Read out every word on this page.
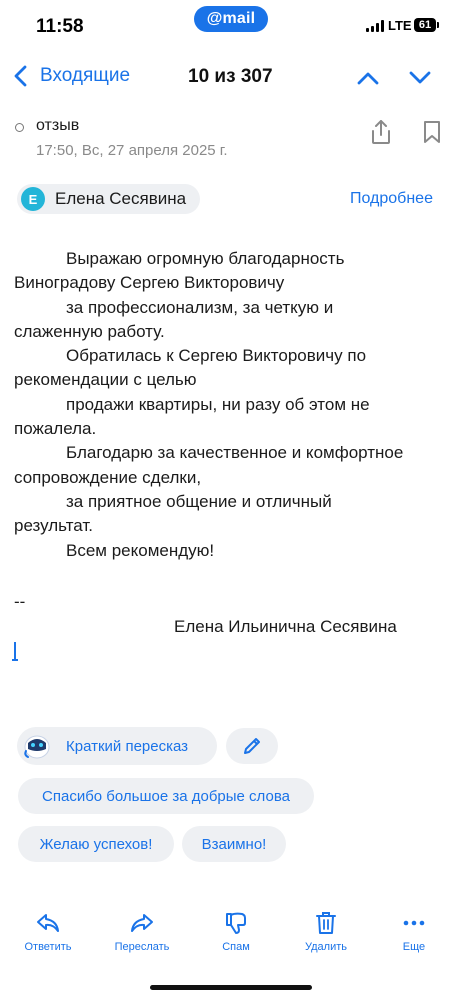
11:58	@mail	LTE 61
Входящие	10 из 307
отзыв
17:50, Вс, 27 апреля 2025 г.
Е	Елена Сесявина	Подробнее
Выражаю огромную благодарность
Виноградову Сергею Викторовичу
за профессионализм, за четкую и
слаженную работу.
Обратилась к Сергею Викторовичу по
рекомендации с целью
продажи квартиры, ни разу об этом не
пожалела.
Благодарю за качественное и комфортное
сопровождение сделки,
за приятное общение и отличный
результат.
Всем рекомендую!
--
Елена Ильинична Сесявина
Краткий пересказ
Спасибо большое за добрые слова
Желаю успехов!	Взаимно!
Ответить	Переслать	Спам	Удалить	Еще
